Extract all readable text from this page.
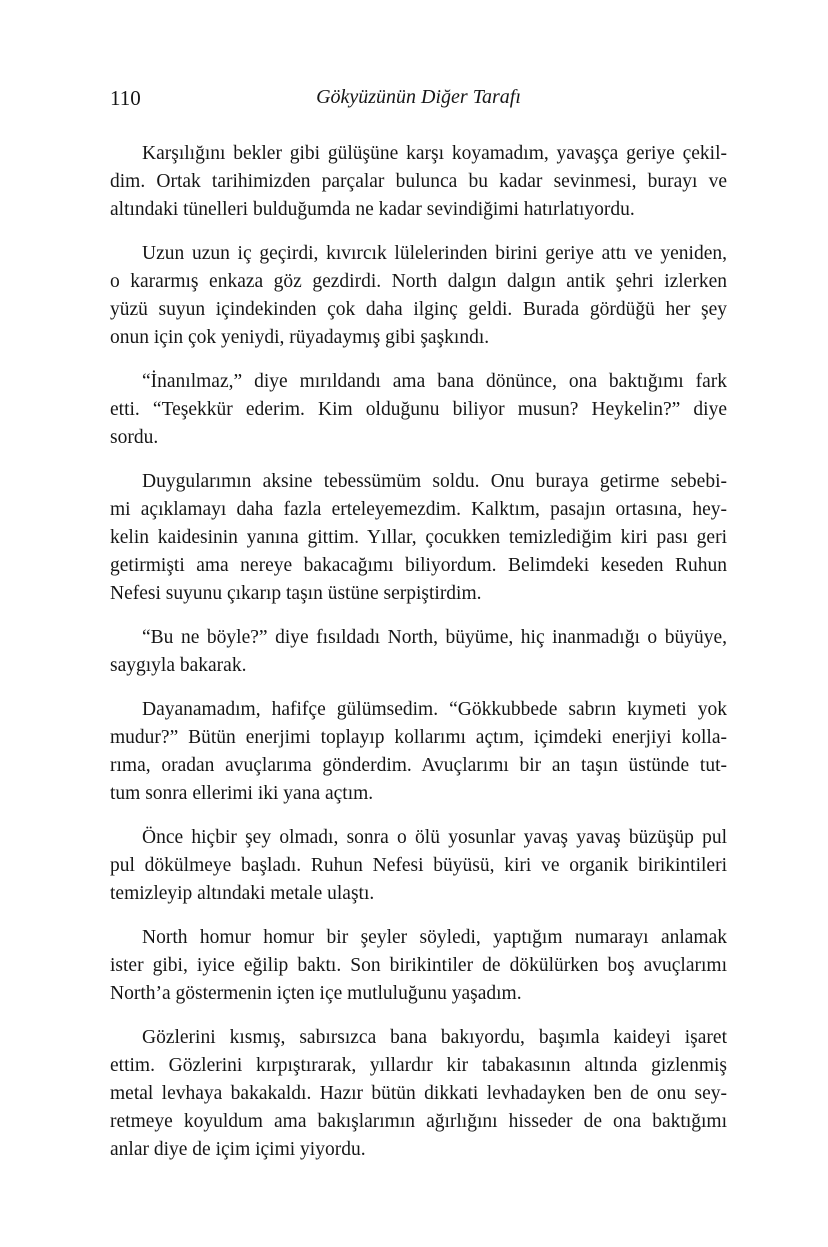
110	Gökyüzünün Diğer Tarafı
Karşılığını bekler gibi gülüşüne karşı koyamadım, yavaşça geriye çekil-
dim. Ortak tarihimizden parçalar bulunca bu kadar sevinmesi, burayı ve
altındaki tünelleri bulduğumda ne kadar sevindiğimi hatırlatıyordu.
Uzun uzun iç geçirdi, kıvırcık lülelerinden birini geriye attı ve yeniden,
o kararmış enkaza göz gezdirdi. North dalgın dalgın antik şehri izlerken
yüzü suyun içindekinden çok daha ilginç geldi. Burada gördüğü her şey
onun için çok yeniydi, rüyadaymış gibi şaşkındı.
“İnanılmaz,” diye mırıldandı ama bana dönünce, ona baktığımı fark
etti. “Teşekkür ederim. Kim olduğunu biliyor musun? Heykelin?” diye
sordu.
Duygularımın aksine tebessümüm soldu. Onu buraya getirme sebebi-
mi açıklamayı daha fazla erteleyemezdim. Kalktım, pasajın ortasına, hey-
kelin kaidesinin yanına gittim. Yıllar, çocukken temizlediğim kiri pası geri
getirmişti ama nereye bakacağımı biliyordum. Belimdeki keseden Ruhun
Nefesi suyunu çıkarıp taşın üstüne serpiştirdim.
“Bu ne böyle?” diye fısıldadı North, büyüme, hiç inanmadığı o büyüye,
saygıyla bakarak.
Dayanamadım, hafifçe gülümsedim. “Gökkubbede sabrın kıymeti yok
mudur?” Bütün enerjimi toplayıp kollarımı açtım, içimdeki enerjiyi kolla-
rıma, oradan avuçlarıma gönderdim. Avuçlarımı bir an taşın üstünde tut-
tum sonra ellerimi iki yana açtım.
Önce hiçbir şey olmadı, sonra o ölü yosunlar yavaş yavaş büzüşüp pul
pul dökülmeye başladı. Ruhun Nefesi büyüsü, kiri ve organik birikintileri
temizleyip altındaki metale ulaştı.
North homur homur bir şeyler söyledi, yaptığım numarayı anlamak
ister gibi, iyice eğilip baktı. Son birikintiler de dökülürken boş avuçlarımı
North’a göstermenin içten içe mutluluğunu yaşadım.
Gözlerini kısmış, sabırsızca bana bakıyordu, başımla kaideyi işaret
ettim. Gözlerini kırpıştırarak, yıllardır kir tabakasının altında gizlenmiş
metal levhaya bakakaldı. Hazır bütün dikkati levhadayken ben de onu sey-
retmeye koyuldum ama bakışlarımın ağırlığını hisseder de ona baktığımı
anlar diye de içim içimi yiyordu.
